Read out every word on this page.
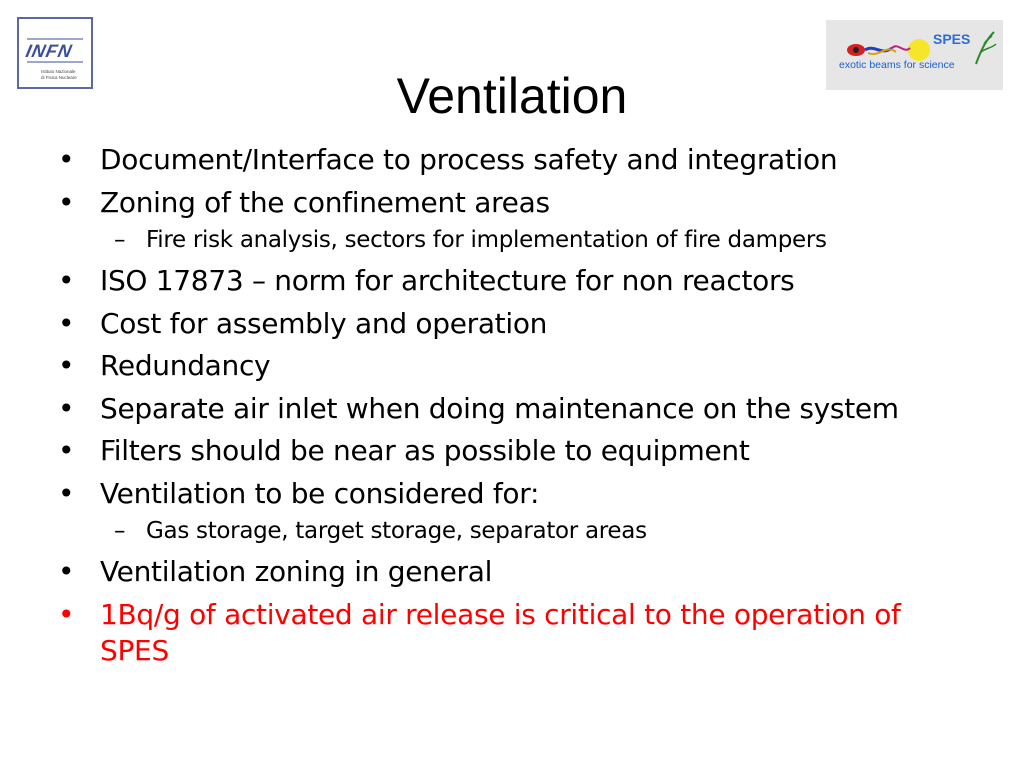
INFN
Istituto Nazionale
di Fisica Nucleare
SPES
exotic beams for science
Ventilation
• Document/Interface to process safety and integration
• Zoning of the confinement areas
– Fire risk analysis, sectors for implementation of fire dampers
• ISO 17873 – norm for architecture for non reactors
• Cost for assembly and operation
• Redundancy
• Separate air inlet when doing maintenance on the system
• Filters should be near as possible to equipment
• Ventilation to be considered for:
– Gas storage, target storage, separator areas
• Ventilation zoning in general
• 1Bq/g of activated air release is critical to the operation of SPES
